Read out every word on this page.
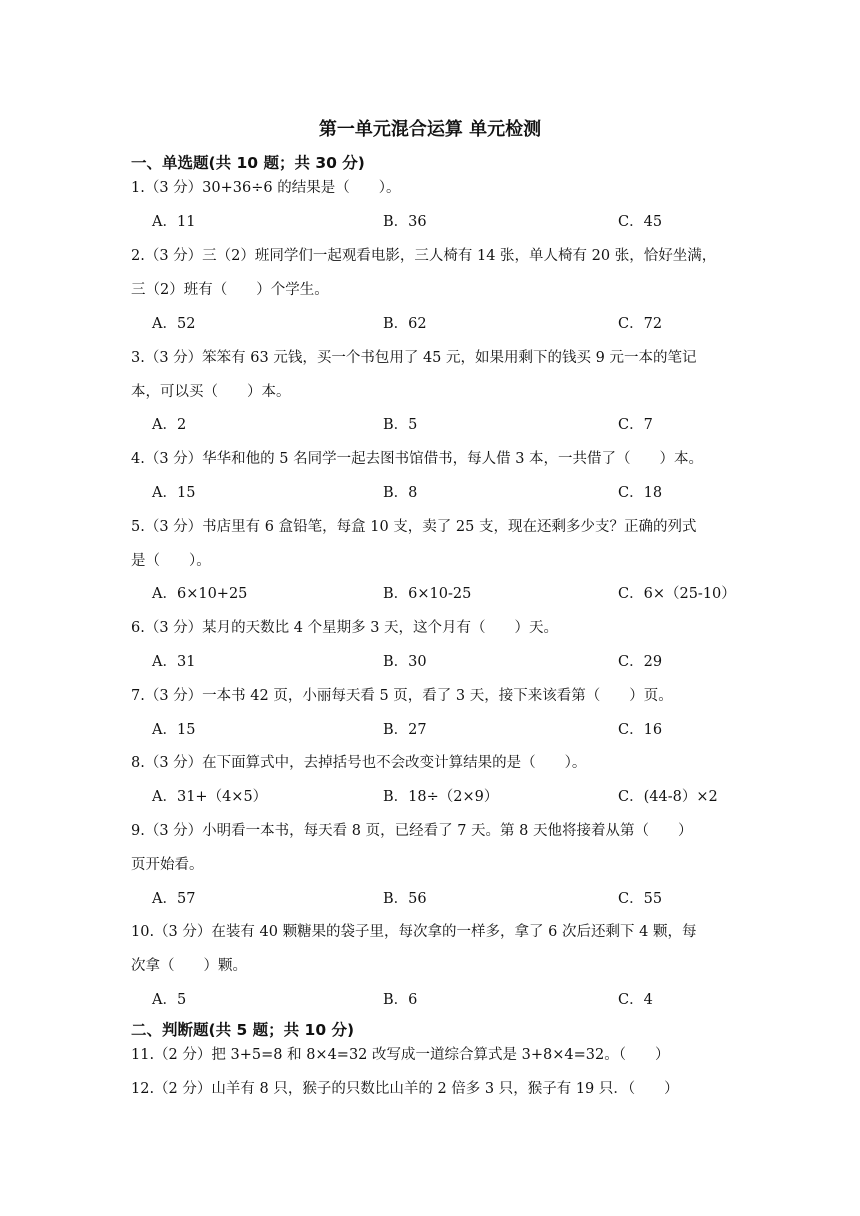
第一单元混合运算 单元检测
一、单选题(共 10 题；共 30 分)
1.（3 分）30+36÷6 的结果是（　　）。
A．11	B．36	C．45
2.（3 分）三（2）班同学们一起观看电影，三人椅有 14 张，单人椅有 20 张，恰好坐满，
三（2）班有（　　）个学生。
A．52	B．62	C．72
3.（3 分）笨笨有 63 元钱，买一个书包用了 45 元，如果用剩下的钱买 9 元一本的笔记
本，可以买（　　）本。
A．2	B．5	C．7
4.（3 分）华华和他的 5 名同学一起去图书馆借书，每人借 3 本，一共借了（　　）本。
A．15	B．8	C．18
5.（3 分）书店里有 6 盒铅笔，每盒 10 支，卖了 25 支，现在还剩多少支？正确的列式
是（　　）。
A．6×10+25	B．6×10-25	C．6×（25-10）
6.（3 分）某月的天数比 4 个星期多 3 天，这个月有（　　）天。
A．31	B．30	C．29
7.（3 分）一本书 42 页，小丽每天看 5 页，看了 3 天，接下来该看第（　　）页。
A．15	B．27	C．16
8.（3 分）在下面算式中，去掉括号也不会改变计算结果的是（　　）。
A．31+（4×5）	B．18÷（2×9）	C．(44-8）×2
9.（3 分）小明看一本书，每天看 8 页，已经看了 7 天。第 8 天他将接着从第（　　）
页开始看。
A．57	B．56	C．55
10.（3 分）在装有 40 颗糖果的袋子里，每次拿的一样多，拿了 6 次后还剩下 4 颗，每
次拿（　　）颗。
A．5	B．6	C．4
二、判断题(共 5 题；共 10 分)
11.（2 分）把 3+5=8 和 8×4=32 改写成一道综合算式是 3+8×4=32。（　　）
12.（2 分）山羊有 8 只，猴子的只数比山羊的 2 倍多 3 只，猴子有 19 只．（　　）
